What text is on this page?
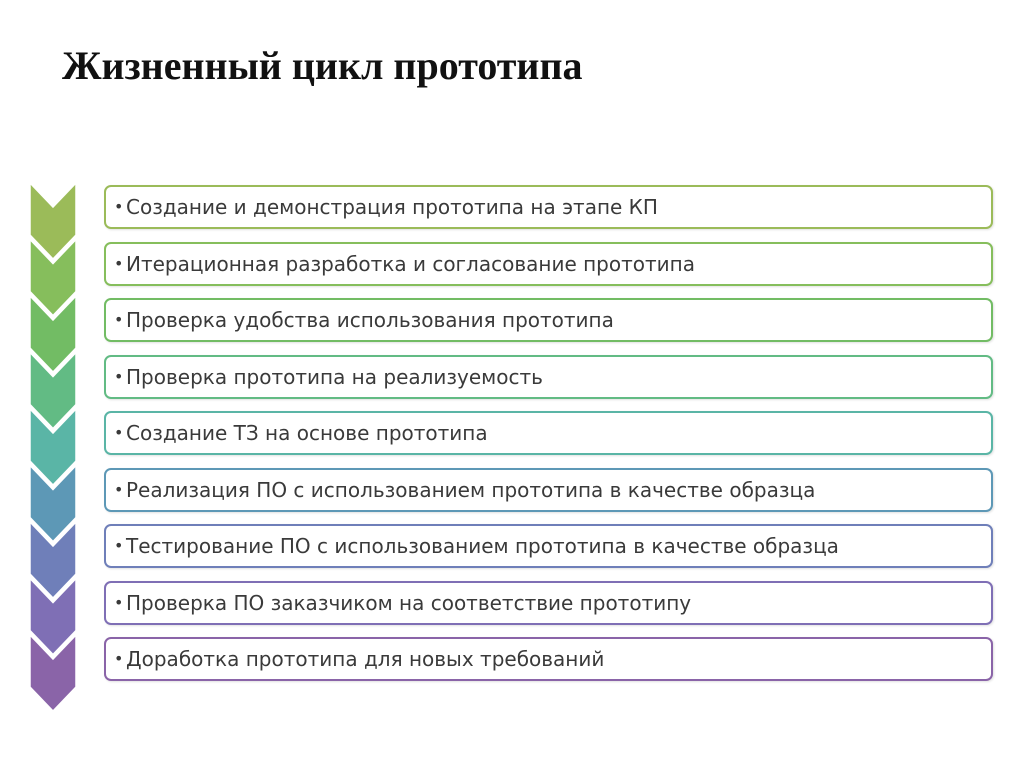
Жизненный цикл прототипа
• Создание и демонстрация прототипа на этапе КП
• Итерационная разработка и согласование прототипа
• Проверка удобства использования прототипа
• Проверка прототипа на реализуемость
• Создание ТЗ на основе прототипа
• Реализация ПО с использованием прототипа в качестве образца
• Тестирование ПО с использованием прототипа в качестве образца
• Проверка ПО заказчиком на соответствие прототипу
• Доработка прототипа для новых требований
